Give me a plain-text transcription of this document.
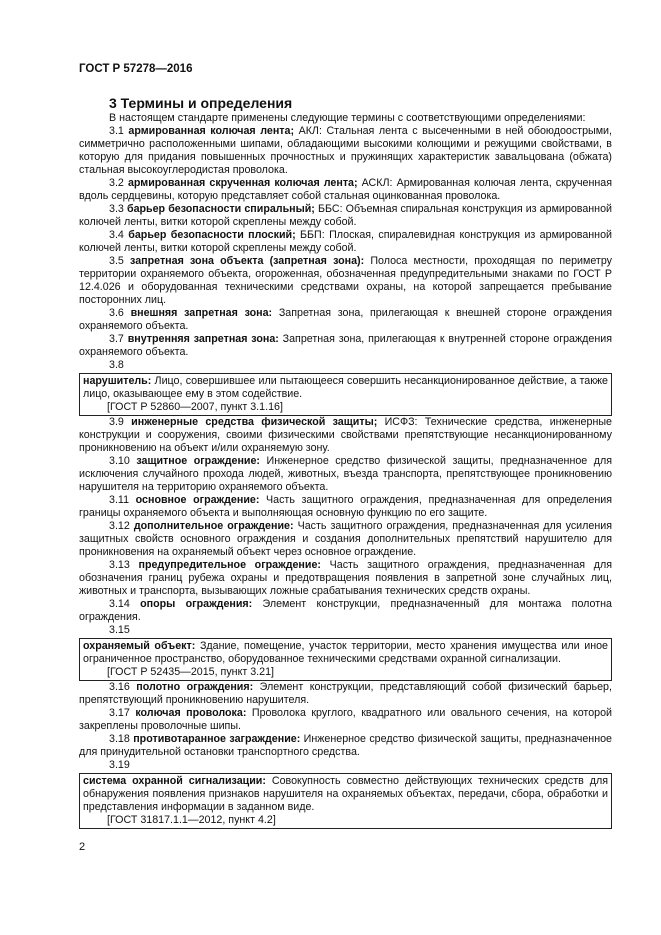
ГОСТ Р 57278—2016
3 Термины и определения

В настоящем стандарте применены следующие термины с соответствующими определениями:

3.1 армированная колючая лента; АКЛ: Стальная лента с высеченными в ней обоюдоострыми, симметрично расположенными шипами, обладающими высокими колющими и режущими свойствами, в которую для придания повышенных прочностных и пружинящих характеристик завальцована (обжата) стальная высокоуглеродистая проволока.

3.2 армированная скрученная колючая лента; АСКЛ: Армированная колючая лента, скрученная вдоль сердцевины, которую представляет собой стальная оцинкованная проволока.

3.3 барьер безопасности спиральный; ББС: Объемная спиральная конструкция из армированной колючей ленты, витки которой скреплены между собой.

3.4 барьер безопасности плоский; ББП: Плоская, спиралевидная конструкция из армированной колючей ленты, витки которой скреплены между собой.

3.5 запретная зона объекта (запретная зона): Полоса местности, проходящая по периметру территории охраняемого объекта, огороженная, обозначенная предупредительными знаками по ГОСТ Р 12.4.026 и оборудованная техническими средствами охраны, на которой запрещается пребывание посторонних лиц.

3.6 внешняя запретная зона: Запретная зона, прилегающая к внешней стороне ограждения охраняемого объекта.

3.7 внутренняя запретная зона: Запретная зона, прилегающая к внутренней стороне ограждения охраняемого объекта.

3.8

нарушитель: Лицо, совершившее или пытающееся совершить несанкционированное действие, а также лицо, оказывающее ему в этом содействие.

[ГОСТ Р 52860—2007, пункт 3.1.16]

3.9 инженерные средства физической защиты; ИСФЗ: Технические средства, инженерные конструкции и сооружения, своими физическими свойствами препятствующие несанкционированному проникновению на объект и/или охраняемую зону.

3.10 защитное ограждение: Инженерное средство физической защиты, предназначенное для исключения случайного прохода людей, животных, въезда транспорта, препятствующее проникновению нарушителя на территорию охраняемого объекта.

3.11 основное ограждение: Часть защитного ограждения, предназначенная для определения границы охраняемого объекта и выполняющая основную функцию по его защите.

3.12 дополнительное ограждение: Часть защитного ограждения, предназначенная для усиления защитных свойств основного ограждения и создания дополнительных препятствий нарушителю для проникновения на охраняемый объект через основное ограждение.

3.13 предупредительное ограждение: Часть защитного ограждения, предназначенная для обозначения границ рубежа охраны и предотвращения появления в запретной зоне случайных лиц, животных и транспорта, вызывающих ложные срабатывания технических средств охраны.

3.14 опоры ограждения: Элемент конструкции, предназначенный для монтажа полотна ограждения.

3.15

охраняемый объект: Здание, помещение, участок территории, место хранения имущества или иное ограниченное пространство, оборудованное техническими средствами охранной сигнализации.

[ГОСТ Р 52435—2015, пункт 3.21]

3.16 полотно ограждения: Элемент конструкции, представляющий собой физический барьер, препятствующий проникновению нарушителя.

3.17 колючая проволока: Проволока круглого, квадратного или овального сечения, на которой закреплены проволочные шипы.

3.18 противотаранное заграждение: Инженерное средство физической защиты, предназначенное для принудительной остановки транспортного средства.

3.19

система охранной сигнализации: Совокупность совместно действующих технических средств для обнаружения появления признаков нарушителя на охраняемых объектах, передачи, сбора, обработки и представления информации в заданном виде.

[ГОСТ 31817.1.1—2012, пункт 4.2]

2
